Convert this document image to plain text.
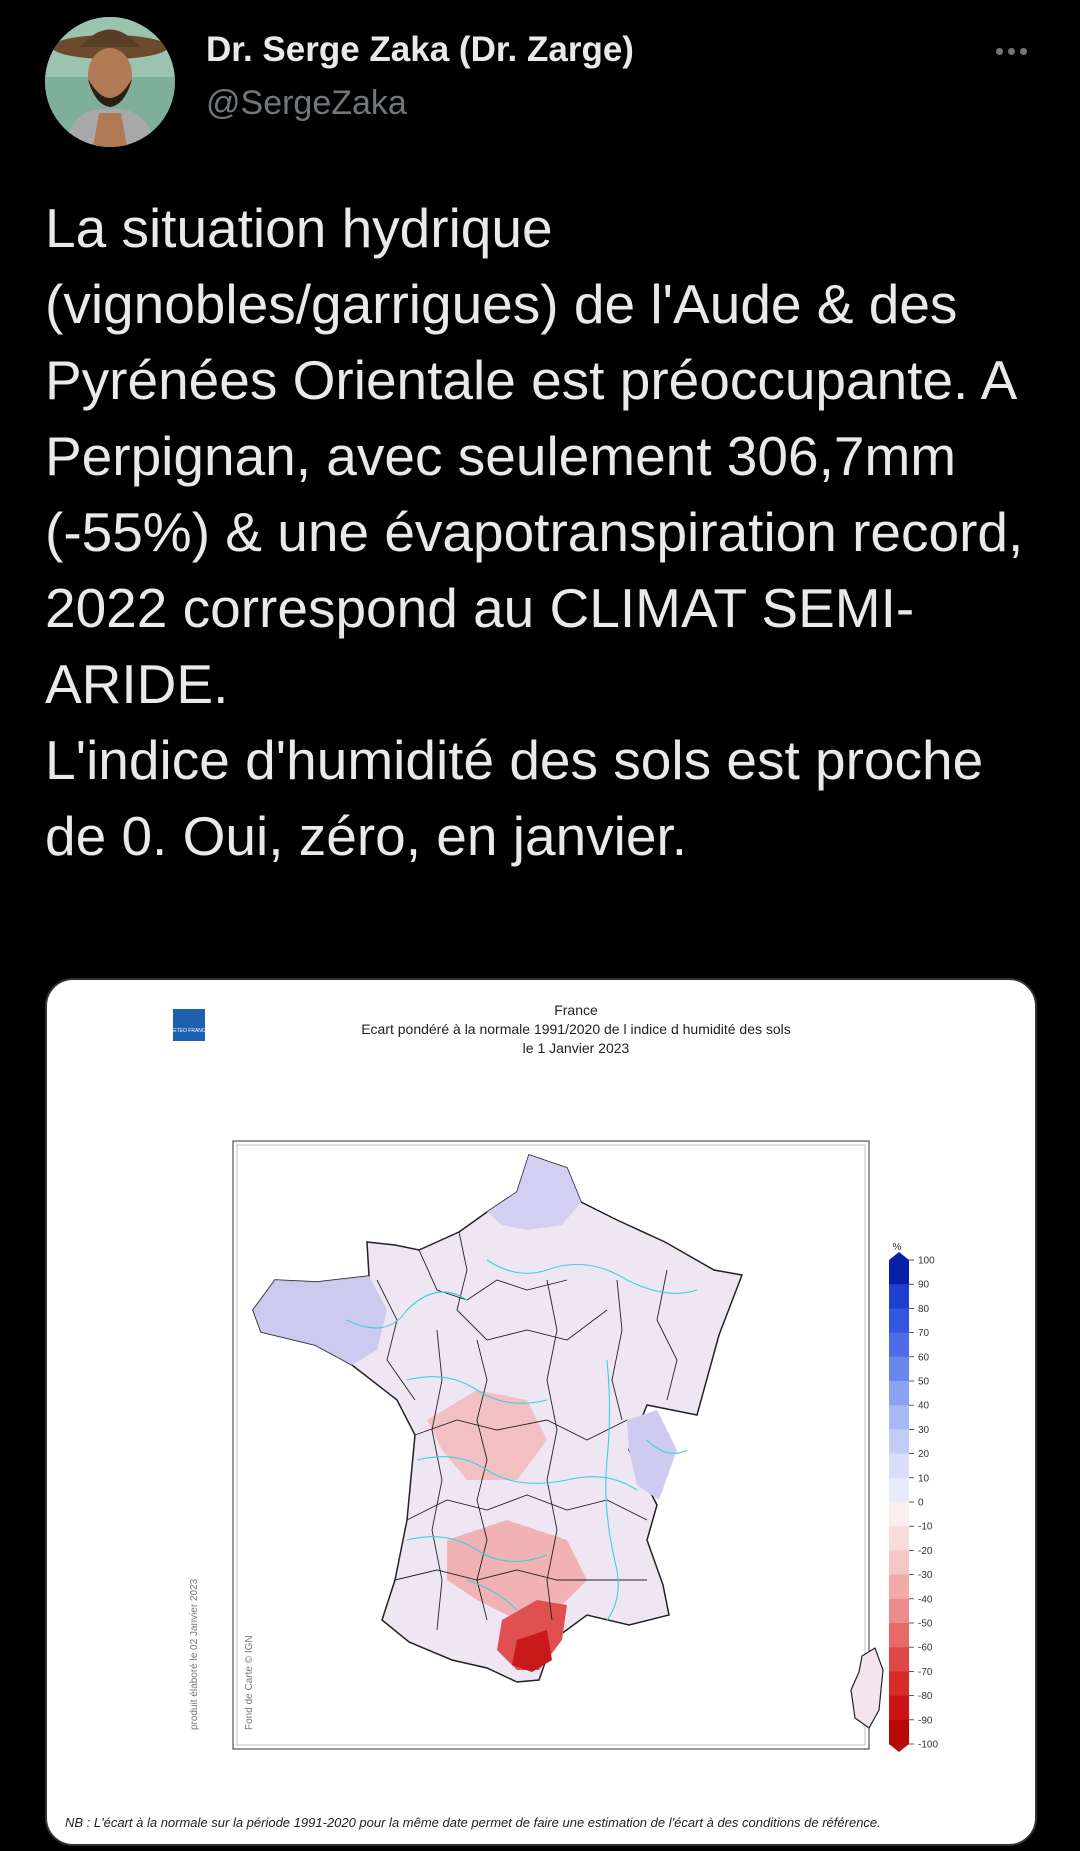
Dr. Serge Zaka (Dr. Zarge)
@SergeZaka

La situation hydrique (vignobles/garrigues) de l'Aude & des Pyrénées Orientale est préoccupante. A Perpignan, avec seulement 306,7mm (-55%) & une évapotranspiration record, 2022 correspond au CLIMAT SEMI-ARIDE.

L'indice d'humidité des sols est proche de 0. Oui, zéro, en janvier.

METEO FRANCE
France
Ecart pondéré à la normale 1991/2020 de l indice d humidité des sols
le 1 Janvier 2023
produit élaboré le 02 Janvier 2023	Fond de Carte © IGN
%
100
90
80
70
60
50
40
30
20
10
0
-10
-20
-30
-40
-50
-60
-70
-80
-90
-100
NB : L'écart à la normale sur la période 1991-2020 pour la même date permet de faire une estimation de l'écart à des conditions de référence.
